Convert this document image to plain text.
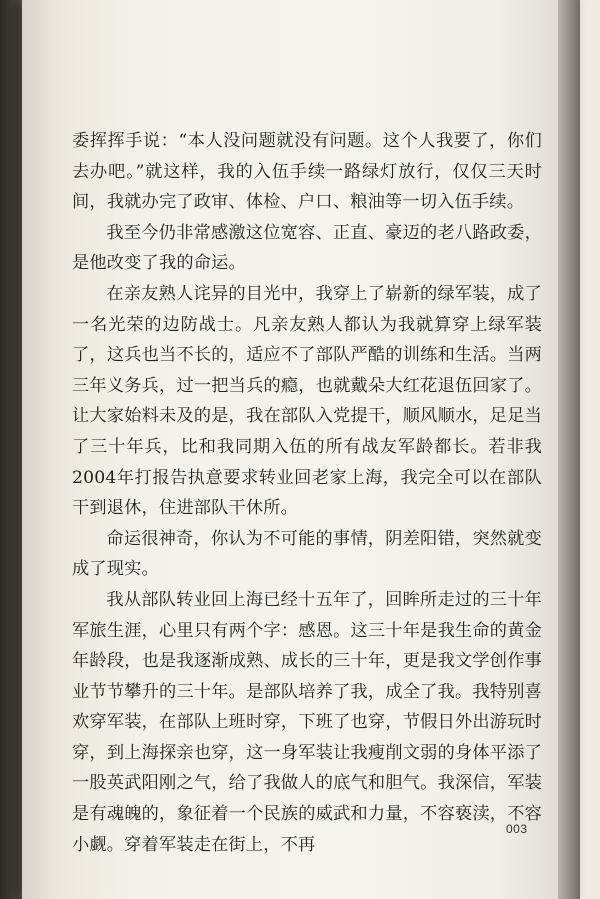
委挥挥手说：“本人没问题就没有问题。这个人我要了，你们去办吧。”就这样，我的入伍手续一路绿灯放行，仅仅三天时间，我就办完了政审、体检、户口、粮油等一切入伍手续。

我至今仍非常感激这位宽容、正直、豪迈的老八路政委，是他改变了我的命运。

在亲友熟人诧异的目光中，我穿上了崭新的绿军装，成了一名光荣的边防战士。凡亲友熟人都认为我就算穿上绿军装了，这兵也当不长的，适应不了部队严酷的训练和生活。当两三年义务兵，过一把当兵的瘾，也就戴朵大红花退伍回家了。让大家始料未及的是，我在部队入党提干，顺风顺水，足足当了三十年兵，比和我同期入伍的所有战友军龄都长。若非我2004年打报告执意要求转业回老家上海，我完全可以在部队干到退休，住进部队干休所。

命运很神奇，你认为不可能的事情，阴差阳错，突然就变成了现实。

我从部队转业回上海已经十五年了，回眸所走过的三十年军旅生涯，心里只有两个字：感恩。这三十年是我生命的黄金年龄段，也是我逐渐成熟、成长的三十年，更是我文学创作事业节节攀升的三十年。是部队培养了我，成全了我。我特别喜欢穿军装，在部队上班时穿，下班了也穿，节假日外出游玩时穿，到上海探亲也穿，这一身军装让我瘦削文弱的身体平添了一股英武阳刚之气，给了我做人的底气和胆气。我深信，军装是有魂魄的，象征着一个民族的威武和力量，不容亵渎，不容小觑。穿着军装走在街上，不再

003
